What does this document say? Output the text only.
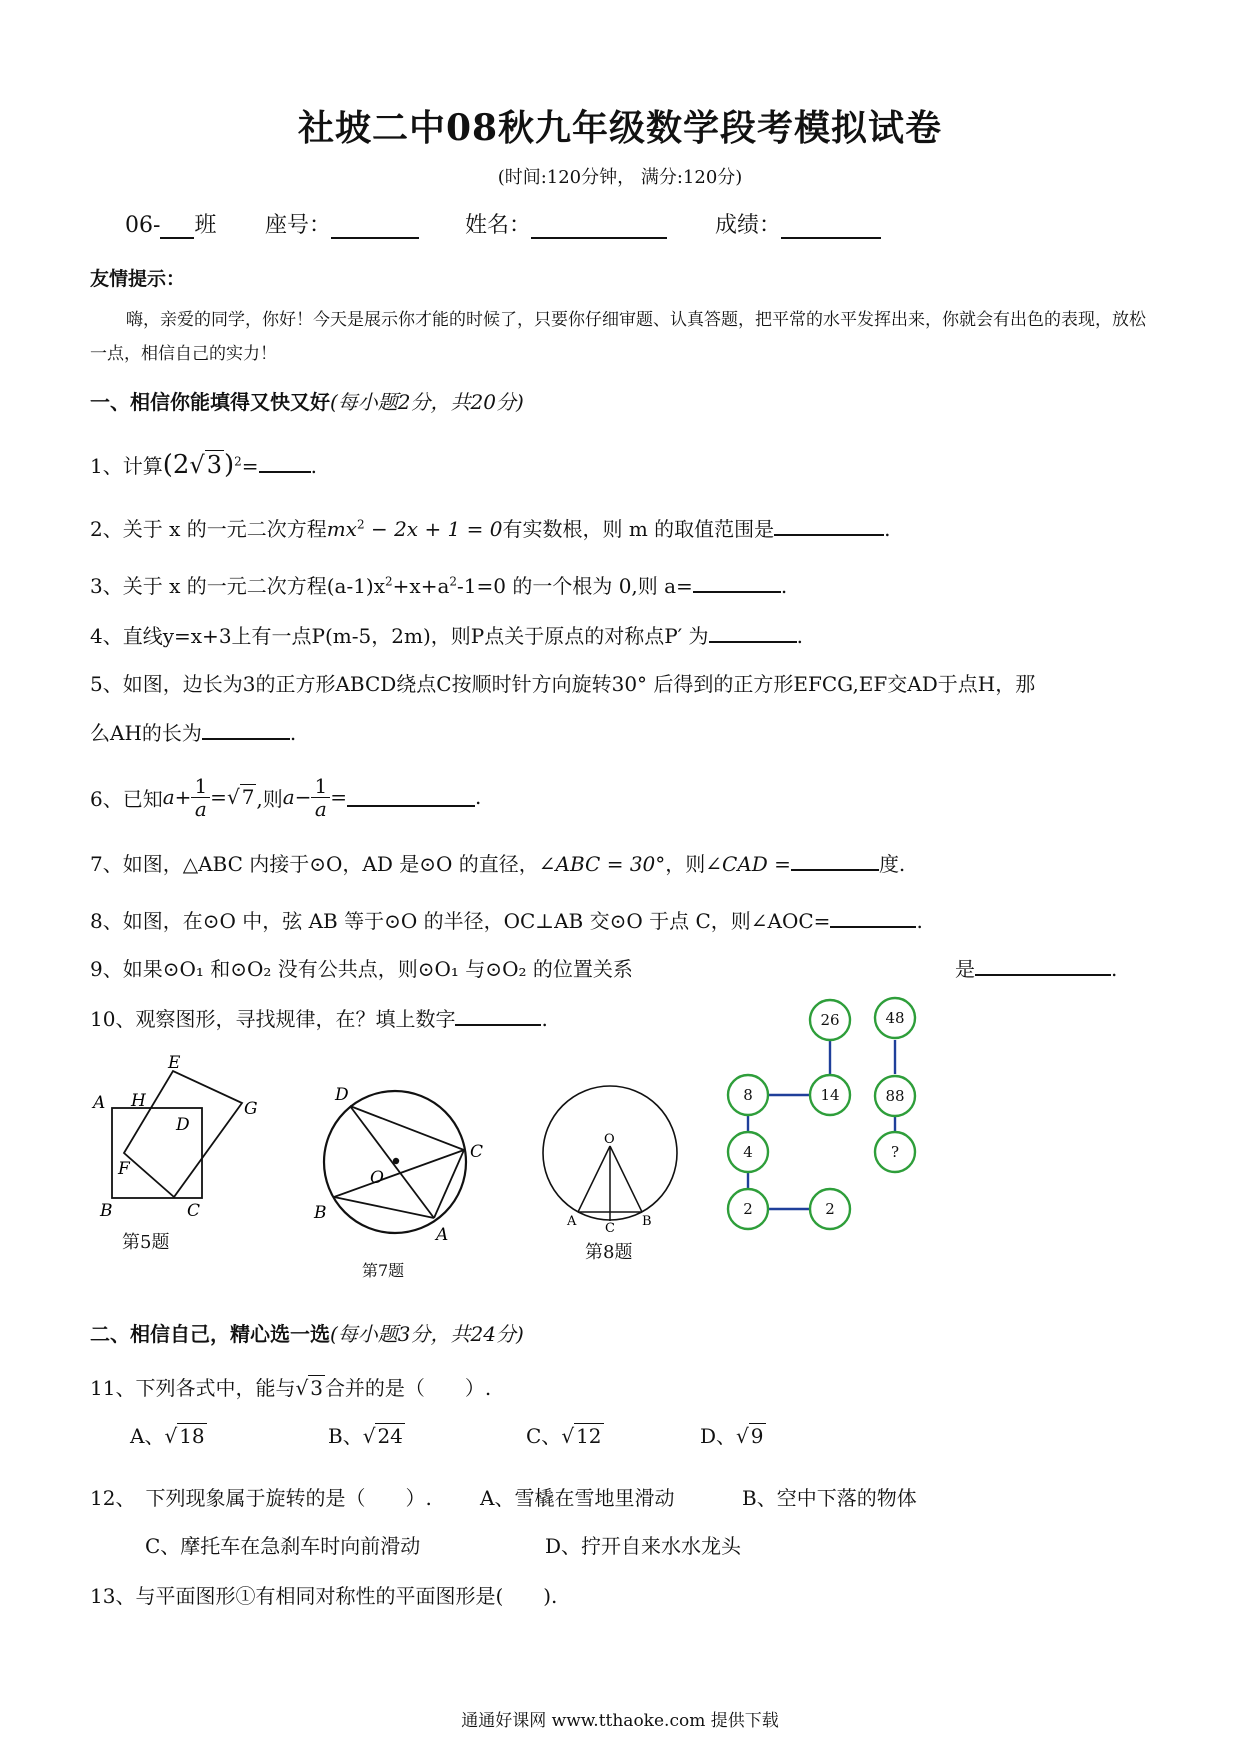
社坡二中08秋九年级数学段考模拟试卷
(时间:120分钟， 满分:120分)
06- 班 座号：	姓名：	成绩：
友情提示：
嗨，亲爱的同学，你好！今天是展示你才能的时候了，只要你仔细审题、认真答题，把平常的水平发挥出来，你就会有出色的表现，放松一点，相信自己的实力！
一、相信你能填得又快又好(每小题2分，共20分)
1、计算$(2√3)^2=$	.
2、关于 x 的一元二次方程$mx^2 - 2x + 1 = 0$有实数根，则 m 的取值范围是	.
3、关于 x 的一元二次方程$(a-1)x^2+x+a^2-1=0$ 的一个根为 0,则 a=	.
4、直线y=x+3上有一点P(m-5，2m)，则P点关于原点的对称点P′ 为	.
5、如图，边长为3的正方形ABCD绕点C按顺时针方向旋转30° 后得到的正方形EFCG,EF交AD于点H，那
么AH的长为	.
6、已知 $a + \frac{1}{a}$ = √ 7 ,则 $a - \frac{1}{a}$ =	.
7、如图，△ABC 内接于⊙O，AD 是⊙O 的直径，∠ABC = 30°，则∠CAD =	度.
8、如图，在⊙O 中，弦 AB 等于⊙O 的半径，OC⊥AB 交⊙O 于点 C，则∠AOC=	.
9、如果⊙O₁ 和⊙O₂ 没有公共点，则⊙O₁ 与⊙O₂ 的位置关系	是	.
10、观察图形，寻找规律，在？填上数字	.
A H
E
D
G
F
B	C
第5题
D
C
O
B
A
第7题
O
A C B
第8题
26	48
8	14	88
4	?
2	2
二、相信自己，精心选一选(每小题3分，共24分)
11、下列各式中，能与√ 3 合并的是（　　）.
A、√ 18	B、√ 24	C、√ 12	D、√ 9
12、　下列现象属于旋转的是（　　）. A、雪橇在雪地里滑动	B、空中下落的物体
C、摩托车在急刹车时向前滑动	D、拧开自来水水龙头
13、与平面图形①有相同对称性的平面图形是(　　).
通通好课网 www.tthaoke.com 提供下载
